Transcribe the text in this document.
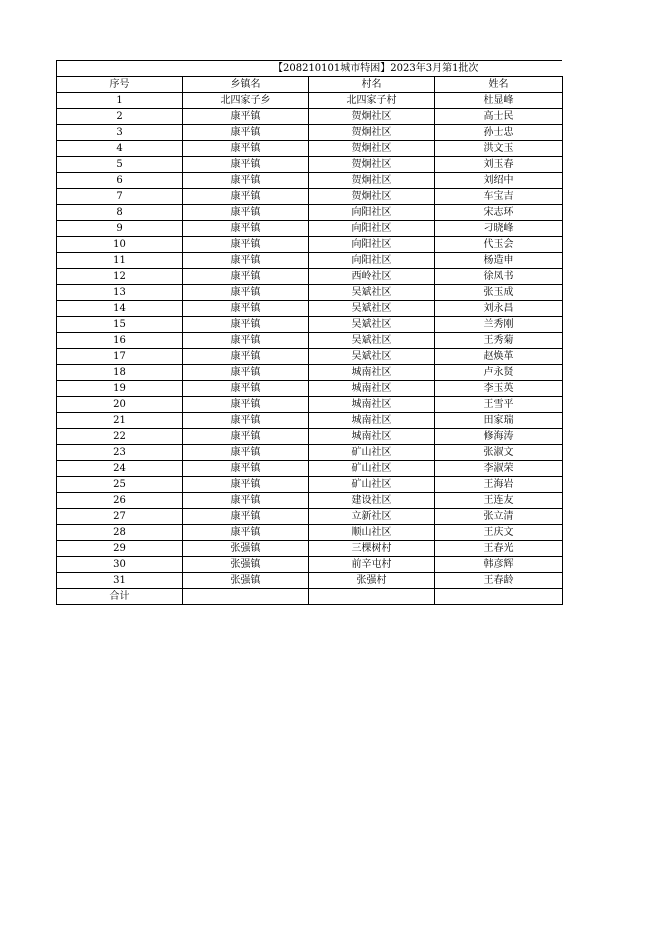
【208210101城市特困】2023年3月第1批次
序号	乡镇名	村名	姓名
1	北四家子乡	北四家子村	杜显峰
2	康平镇	贺炯社区	高士民
3	康平镇	贺炯社区	孙士忠
4	康平镇	贺炯社区	洪文玉
5	康平镇	贺炯社区	刘玉春
6	康平镇	贺炯社区	刘绍中
7	康平镇	贺炯社区	车宝吉
8	康平镇	向阳社区	宋志环
9	康平镇	向阳社区	刁晓峰
10	康平镇	向阳社区	代玉会
11	康平镇	向阳社区	杨造申
12	康平镇	西岭社区	徐凤书
13	康平镇	吴斌社区	张玉成
14	康平镇	吴斌社区	刘永昌
15	康平镇	吴斌社区	兰秀刚
16	康平镇	吴斌社区	王秀菊
17	康平镇	吴斌社区	赵焕革
18	康平镇	城南社区	卢永贤
19	康平镇	城南社区	李玉英
20	康平镇	城南社区	王雪平
21	康平镇	城南社区	田家瑞
22	康平镇	城南社区	修海涛
23	康平镇	矿山社区	张淑文
24	康平镇	矿山社区	李淑荣
25	康平镇	矿山社区	王海岩
26	康平镇	建设社区	王连友
27	康平镇	立新社区	张立清
28	康平镇	顺山社区	王庆文
29	张强镇	三棵树村	王春光
30	张强镇	前辛屯村	韩彦辉
31	张强镇	张强村	王春龄
合计			
